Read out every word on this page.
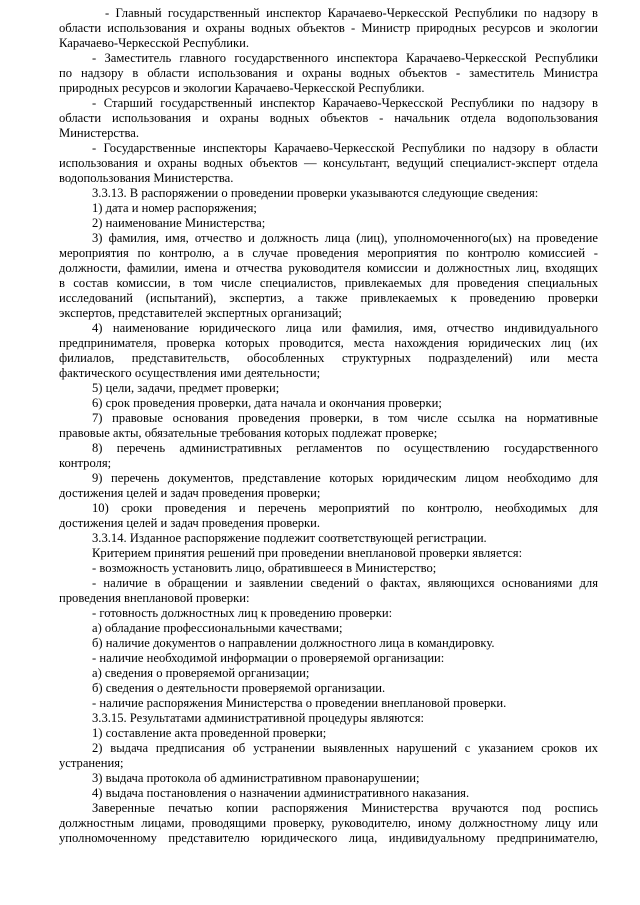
- Главный государственный инспектор Карачаево-Черкесской Республики по надзору в
области использования и охраны водных объектов - Министр природных ресурсов и экологии
Карачаево-Черкесской Республики.
- Заместитель главного государственного инспектора Карачаево-Черкесской Республики
по надзору в области использования и охраны водных объектов - заместитель Министра
природных ресурсов и экологии Карачаево-Черкесской Республики.
- Старший государственный инспектор Карачаево-Черкесской Республики по надзору в
области использования и охраны водных объектов - начальник отдела водопользования
Министерства.
- Государственные инспекторы Карачаево-Черкесской Республики по надзору в области
использования и охраны водных объектов — консультант, ведущий специалист-эксперт отдела
водопользования Министерства.
3.3.13. В распоряжении о проведении проверки указываются следующие сведения:
1) дата и номер распоряжения;
2) наименование Министерства;
3) фамилия, имя, отчество и должность лица (лиц), уполномоченного(ых) на проведение
мероприятия по контролю, а в случае проведения мероприятия по контролю комиссией -
должности, фамилии, имена и отчества руководителя комиссии и должностных лиц, входящих
в состав комиссии, в том числе специалистов, привлекаемых для проведения специальных
исследований (испытаний), экспертиз, а также привлекаемых к проведению проверки
экспертов, представителей экспертных организаций;
4) наименование юридического лица или фамилия, имя, отчество индивидуального
предпринимателя, проверка которых проводится, места нахождения юридических лиц (их
филиалов, представительств, обособленных структурных подразделений) или места
фактического осуществления ими деятельности;
5) цели, задачи, предмет проверки;
6) срок проведения проверки, дата начала и окончания проверки;
7) правовые основания проведения проверки, в том числе ссылка на нормативные
правовые акты, обязательные требования которых подлежат проверке;
8) перечень административных регламентов по осуществлению государственного
контроля;
9) перечень документов, представление которых юридическим лицом необходимо для
достижения целей и задач проведения проверки;
10) сроки проведения и перечень мероприятий по контролю, необходимых для
достижения целей и задач проведения проверки.
3.3.14. Изданное распоряжение подлежит соответствующей регистрации.
Критерием принятия решений при проведении внеплановой проверки является:
- возможность установить лицо, обратившееся в Министерство;
- наличие в обращении и заявлении сведений о фактах, являющихся основаниями для
проведения внеплановой проверки:
- готовность должностных лиц к проведению проверки:
а) обладание профессиональными качествами;
б) наличие документов о направлении должностного лица в командировку.
- наличие необходимой информации о проверяемой организации:
а) сведения о проверяемой организации;
б) сведения о деятельности проверяемой организации.
- наличие распоряжения Министерства о проведении внеплановой проверки.
3.3.15. Результатами административной процедуры являются:
1) составление акта проведенной проверки;
2) выдача предписания об устранении выявленных нарушений с указанием сроков их
устранения;
3) выдача протокола об административном правонарушении;
4) выдача постановления о назначении административного наказания.
Заверенные печатью копии распоряжения Министерства вручаются под роспись
должностным лицами, проводящими проверку, руководителю, иному должностному лицу или
уполномоченному представителю юридического лица, индивидуальному предпринимателю,
